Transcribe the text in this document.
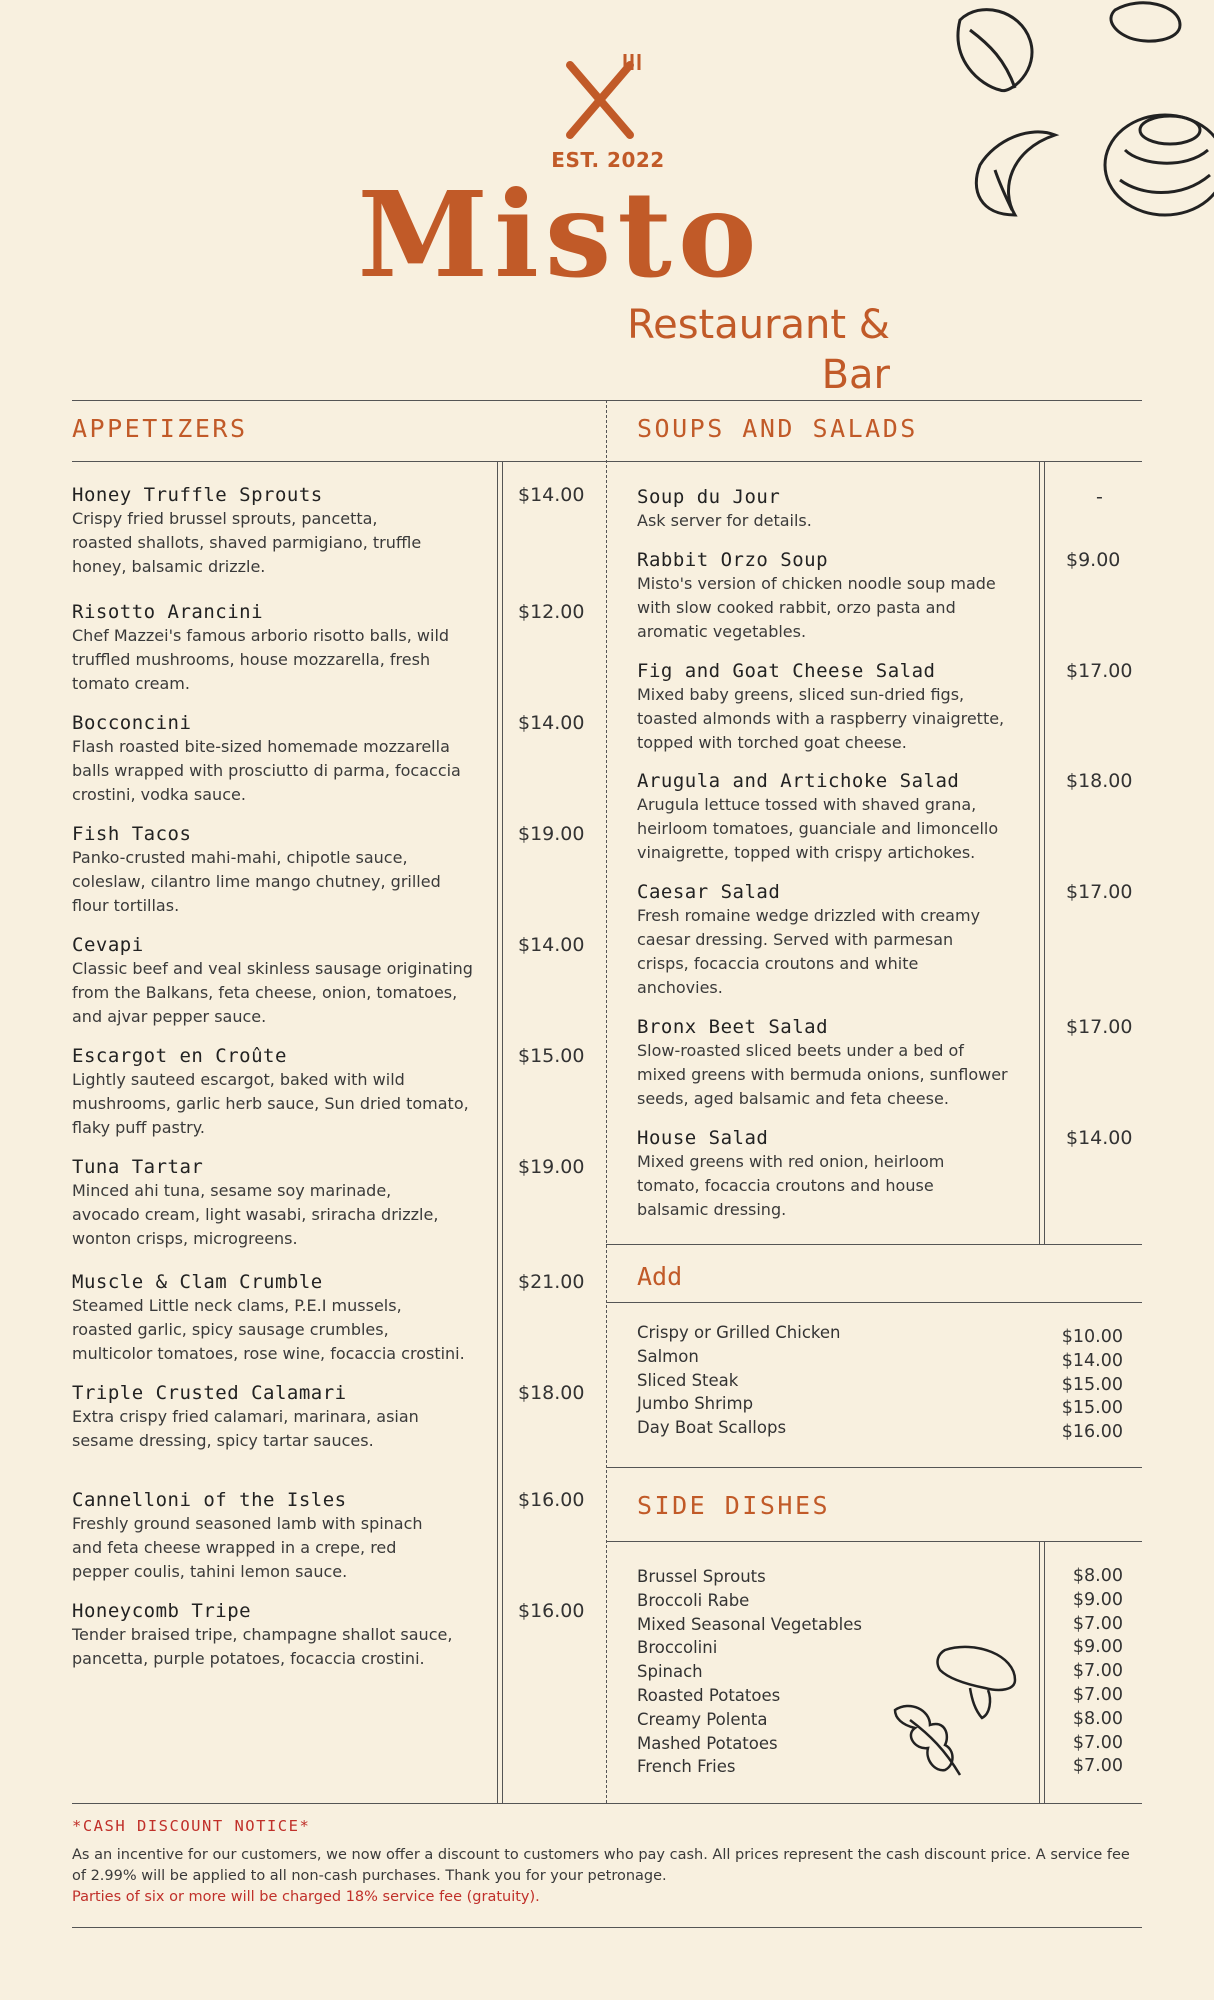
EST. 2022
Misto
Restaurant & Bar
APPETIZERS	SOUPS AND SALADS
Add
SIDE DISHES
Honey Truffle Sprouts
Crispy fried brussel sprouts, pancetta,
roasted shallots, shaved parmigiano, truffle
honey, balsamic drizzle.
$14.00
Risotto Arancini
Chef Mazzei's famous arborio risotto balls, wild
truffled mushrooms, house mozzarella, fresh
tomato cream.
$12.00
Bocconcini
Flash roasted bite-sized homemade mozzarella
balls wrapped with prosciutto di parma, focaccia
crostini, vodka sauce.
$14.00
Fish Tacos
Panko-crusted mahi-mahi, chipotle sauce,
coleslaw, cilantro lime mango chutney, grilled
flour tortillas.
$19.00
Cevapi
Classic beef and veal skinless sausage originating
from the Balkans, feta cheese, onion, tomatoes,
and ajvar pepper sauce.
$14.00
Escargot en Croûte
Lightly sauteed escargot, baked with wild
mushrooms, garlic herb sauce, Sun dried tomato,
flaky puff pastry.
$15.00
Tuna Tartar
Minced ahi tuna, sesame soy marinade,
avocado cream, light wasabi, sriracha drizzle,
wonton crisps, microgreens.
$19.00
Muscle & Clam Crumble
Steamed Little neck clams, P.E.I mussels,
roasted garlic, spicy sausage crumbles,
multicolor tomatoes, rose wine, focaccia crostini.
$21.00
Triple Crusted Calamari
Extra crispy fried calamari, marinara, asian
sesame dressing, spicy tartar sauces.
$18.00
Cannelloni of the Isles
Freshly ground seasoned lamb with spinach
and feta cheese wrapped in a crepe, red
pepper coulis, tahini lemon sauce.
$16.00
Honeycomb Tripe
Tender braised tripe, champagne shallot sauce,
pancetta, purple potatoes, focaccia crostini.
$16.00
Soup du Jour
Ask server for details.
-
Rabbit Orzo Soup
Misto's version of chicken noodle soup made
with slow cooked rabbit, orzo pasta and
aromatic vegetables.
$9.00
Fig and Goat Cheese Salad
Mixed baby greens, sliced sun-dried figs,
toasted almonds with a raspberry vinaigrette,
topped with torched goat cheese.
$17.00
Arugula and Artichoke Salad
Arugula lettuce tossed with shaved grana,
heirloom tomatoes, guanciale and limoncello
vinaigrette, topped with crispy artichokes.
$18.00
Caesar Salad
Fresh romaine wedge drizzled with creamy
caesar dressing. Served with parmesan
crisps, focaccia croutons and white
anchovies.
$17.00
Bronx Beet Salad
Slow-roasted sliced beets under a bed of
mixed greens with bermuda onions, sunflower
seeds, aged balsamic and feta cheese.
$17.00
House Salad
Mixed greens with red onion, heirloom
tomato, focaccia croutons and house
balsamic dressing.
$14.00
Crispy or Grilled Chicken	$10.00
Salmon	$14.00
Sliced Steak	$15.00
Jumbo Shrimp	$15.00
Day Boat Scallops	$16.00
Brussel Sprouts	$8.00
Broccoli Rabe	$9.00
Mixed Seasonal Vegetables	$7.00
Broccolini	$9.00
Spinach	$7.00
Roasted Potatoes	$7.00
Creamy Polenta	$8.00
Mashed Potatoes	$7.00
French Fries	$7.00
*CASH DISCOUNT NOTICE*
As an incentive for our customers, we now offer a discount to customers who pay cash. All prices represent the cash discount price. A service fee of 2.99% will be applied to all non-cash purchases. Thank you for your petronage.
Parties of six or more will be charged 18% service fee (gratuity).
